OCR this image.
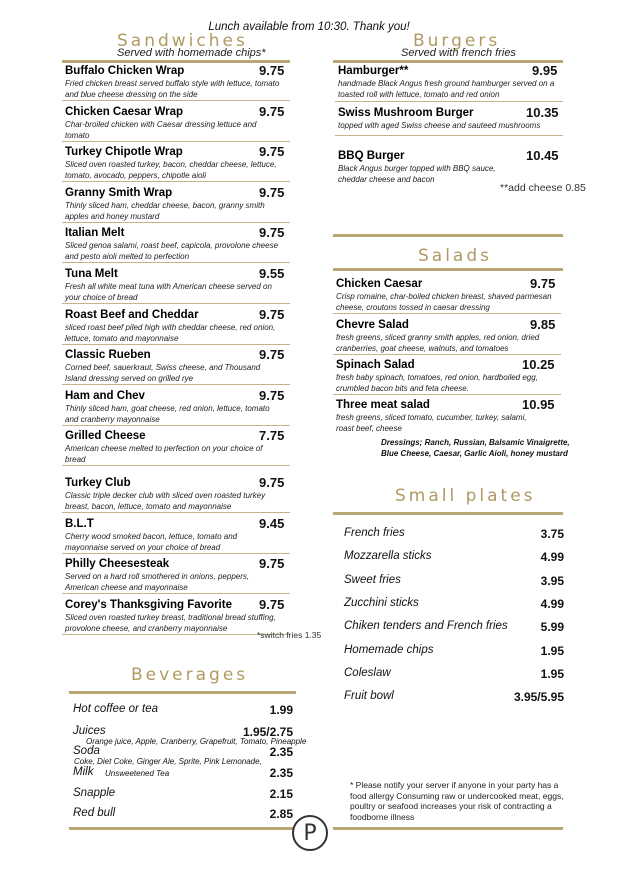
Lunch available from 10:30. Thank you!
Sandwiches
Served with homemade chips*
Buffalo Chicken Wrap	9.75
Fried chicken breast served buffalo style with lettuce, tomato and blue cheese dressing on the side
Chicken Caesar Wrap	9.75
Char-broiled chicken with Caesar dressing lettuce and tomato
Turkey Chipotle Wrap	9.75
Sliced oven roasted turkey, bacon, cheddar cheese, lettuce, tomato, avocado, peppers, chipotle aioli
Granny Smith Wrap	9.75
Thinly sliced ham, cheddar cheese, bacon, granny smith apples and honey mustard
Italian Melt	9.75
Sliced genoa salami, roast beef, capicola, provolone cheese and pesto aioli melted to perfection
Tuna Melt	9.55
Fresh all white meat tuna with American cheese served on your choice of bread
Roast Beef and Cheddar	9.75
sliced roast beef piled high with cheddar cheese, red onion, lettuce, tomato and mayonnaise
Classic Rueben	9.75
Corned beef, sauerkraut, Swiss cheese, and Thousand Island dressing served on grilled rye
Ham and Chev	9.75
Thinly sliced ham, goat cheese, red onion, lettuce, tomato and cranberry mayonnaise
Grilled Cheese	7.75
American cheese melted to perfection on your choice of bread
Turkey Club	9.75
Classic triple decker club with sliced oven roasted turkey breast, bacon, lettuce, tomato and mayonnaise
B.L.T	9.45
Cherry wood smoked bacon, lettuce, tomato and mayonnaise served on your choice of bread
Philly Cheesesteak	9.75
Served on a hard roll smothered in onions, peppers, American cheese and mayonnaise
Corey's Thanksgiving Favorite	9.75
Sliced oven roasted turkey breast, traditional bread stuffing, provolone cheese, and cranberry mayonnaise
*switch fries 1.35
Burgers
Served with french fries
Hamburger**	9.95
handmade Black Angus fresh ground hamburger served on a toasted roll with lettuce, tomato and red onion
Swiss Mushroom Burger	10.35
topped with aged Swiss cheese and sauteed mushrooms
BBQ Burger	10.45
Black Angus burger topped with BBQ sauce, cheddar cheese and bacon
**add cheese 0.85
Salads
Chicken Caesar	9.75
Crisp romaine, char-boiled chicken breast, shaved parmesan cheese, croutons tossed in caesar dressing
Chevre Salad	9.85
fresh greens, sliced granny smith apples, red onion, dried cranberries, goat cheese, walnuts, and tomatoes
Spinach Salad	10.25
fresh baby spinach, tomatoes, red onion, hardboiled egg, crumbled bacon bits and feta cheese.
Three meat salad	10.95
fresh greens, sliced tomato, cucumber, turkey, salami, roast beef, cheese
Dressings; Ranch, Russian, Balsamic Vinaigrette, Blue Cheese, Caesar, Garlic Aioli, honey mustard
Small plates
French fries	3.75
Mozzarella sticks	4.99
Sweet fries	3.95
Zucchini sticks	4.99
Chiken tenders and French fries	5.99
Homemade chips	1.95
Coleslaw	1.95
Fruit bowl	3.95/5.95
* Please notify your server if anyone in your party has a food allergy Consuming raw or undercooked meat, eggs, poultry or seafood increases your risk of contracting a foodborne illness
Beverages
Hot coffee or tea	1.99
Juices	1.95/2.75
Orange juice, Apple, Cranberry, Grapefruit, Tomato, Pineapple
Soda	2.35
Coke, Diet Coke, Ginger Ale, Sprite, Pink Lemonade,
Milk	2.35
Unsweetened Tea
Snapple	2.15
Red bull	2.85
P
